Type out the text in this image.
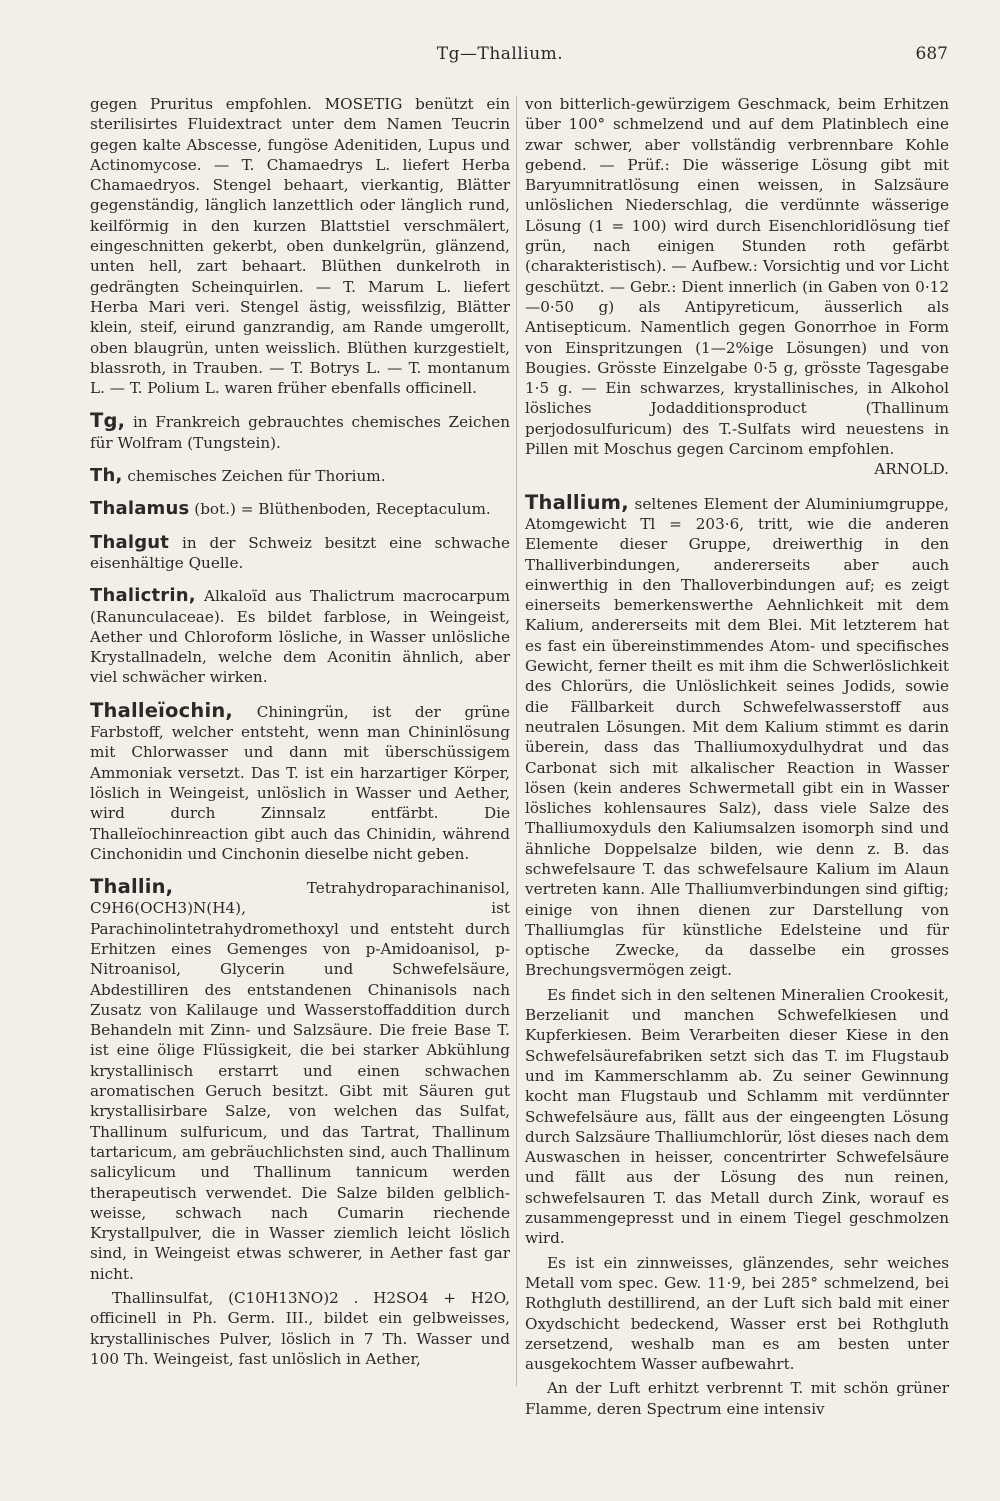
Tg—Thallium.	687

gegen Pruritus empfohlen. MOSETIG benützt ein sterilisirtes Fluidextract unter dem Namen Teucrin gegen kalte Abscesse, fungöse Adenitiden, Lupus und Actinomycose. — T. Chamaedrys L. liefert Herba Chamaedryos. Stengel behaart, vierkantig, Blätter gegenständig, länglich lanzettlich oder länglich rund, keilförmig in den kurzen Blattstiel verschmälert, eingeschnitten gekerbt, oben dunkelgrün, glänzend, unten hell, zart behaart. Blüthen dunkelroth in gedrängten Scheinquirlen. — T. Marum L. liefert Herba Mari veri. Stengel ästig, weissfilzig, Blätter klein, steif, eirund ganzrandig, am Rande umgerollt, oben blaugrün, unten weisslich. Blüthen kurzgestielt, blassroth, in Trauben. — T. Botrys L. — T. montanum L. — T. Polium L. waren früher ebenfalls officinell.

Tg, in Frankreich gebrauchtes chemisches Zeichen für Wolfram (Tungstein).

Th, chemisches Zeichen für Thorium.

Thalamus (bot.) = Blüthenboden, Receptaculum.

Thalgut in der Schweiz besitzt eine schwache eisenhältige Quelle.

Thalictrin, Alkaloïd aus Thalictrum macrocarpum (Ranunculaceae). Es bildet farblose, in Weingeist, Aether und Chloroform lösliche, in Wasser unlösliche Krystallnadeln, welche dem Aconitin ähnlich, aber viel schwächer wirken.

Thalleïochin, Chiningrün, ist der grüne Farbstoff, welcher entsteht, wenn man Chininlösung mit Chlorwasser und dann mit überschüssigem Ammoniak versetzt. Das T. ist ein harzartiger Körper, löslich in Weingeist, unlöslich in Wasser und Aether, wird durch Zinnsalz entfärbt. Die Thalleïochinreaction gibt auch das Chinidin, während Cinchonidin und Cinchonin dieselbe nicht geben.

Thallin, Tetrahydroparachinanisol, C9H6(OCH3)N(H4), ist Parachinolintetrahydromethoxyl und entsteht durch Erhitzen eines Gemenges von p-Amidoanisol, p-Nitroanisol, Glycerin und Schwefelsäure, Abdestilliren des entstandenen Chinanisols nach Zusatz von Kalilauge und Wasserstoffaddition durch Behandeln mit Zinn- und Salzsäure. Die freie Base T. ist eine ölige Flüssigkeit, die bei starker Abkühlung krystallinisch erstarrt und einen schwachen aromatischen Geruch besitzt. Gibt mit Säuren gut krystallisirbare Salze, von welchen das Sulfat, Thallinum sulfuricum, und das Tartrat, Thallinum tartaricum, am gebräuchlichsten sind, auch Thallinum salicylicum und Thallinum tannicum werden therapeutisch verwendet. Die Salze bilden gelblich-weisse, schwach nach Cumarin riechende Krystallpulver, die in Wasser ziemlich leicht löslich sind, in Weingeist etwas schwerer, in Aether fast gar nicht.

Thallinsulfat, (C10H13NO)2 . H2SO4 + H2O, officinell in Ph. Germ. III., bildet ein gelbweisses, krystallinisches Pulver, löslich in 7 Th. Wasser und 100 Th. Weingeist, fast unlöslich in Aether,

von bitterlich-gewürzigem Geschmack, beim Erhitzen über 100° schmelzend und auf dem Platinblech eine zwar schwer, aber vollständig verbrennbare Kohle gebend. — Prüf.: Die wässerige Lösung gibt mit Baryumnitratlösung einen weissen, in Salzsäure unlöslichen Niederschlag, die verdünnte wässerige Lösung (1 = 100) wird durch Eisenchloridlösung tief grün, nach einigen Stunden roth gefärbt (charakteristisch). — Aufbew.: Vorsichtig und vor Licht geschützt. — Gebr.: Dient innerlich (in Gaben von 0·12—0·50 g) als Antipyreticum, äusserlich als Antisepticum. Namentlich gegen Gonorrhoe in Form von Einspritzungen (1—2%ige Lösungen) und von Bougies. Grösste Einzelgabe 0·5 g, grösste Tagesgabe 1·5 g. — Ein schwarzes, krystallinisches, in Alkohol lösliches Jodadditionsproduct (Thallinum perjodosulfuricum) des T.-Sulfats wird neuestens in Pillen mit Moschus gegen Carcinom empfohlen.

ARNOLD.

Thallium, seltenes Element der Aluminiumgruppe, Atomgewicht Tl = 203·6, tritt, wie die anderen Elemente dieser Gruppe, dreiwerthig in den Thalliverbindungen, andererseits aber auch einwerthig in den Thalloverbindungen auf; es zeigt einerseits bemerkenswerthe Aehnlichkeit mit dem Kalium, andererseits mit dem Blei. Mit letzterem hat es fast ein übereinstimmendes Atom- und specifisches Gewicht, ferner theilt es mit ihm die Schwerlöslichkeit des Chlorürs, die Unlöslichkeit seines Jodids, sowie die Fällbarkeit durch Schwefelwasserstoff aus neutralen Lösungen. Mit dem Kalium stimmt es darin überein, dass das Thalliumoxydulhydrat und das Carbonat sich mit alkalischer Reaction in Wasser lösen (kein anderes Schwermetall gibt ein in Wasser lösliches kohlensaures Salz), dass viele Salze des Thalliumoxyduls den Kaliumsalzen isomorph sind und ähnliche Doppelsalze bilden, wie denn z. B. das schwefelsaure T. das schwefelsaure Kalium im Alaun vertreten kann. Alle Thalliumverbindungen sind giftig; einige von ihnen dienen zur Darstellung von Thalliumglas für künstliche Edelsteine und für optische Zwecke, da dasselbe ein grosses Brechungsvermögen zeigt.

Es findet sich in den seltenen Mineralien Crookesit, Berzelianit und manchen Schwefelkiesen und Kupferkiesen. Beim Verarbeiten dieser Kiese in den Schwefelsäurefabriken setzt sich das T. im Flugstaub und im Kammerschlamm ab. Zu seiner Gewinnung kocht man Flugstaub und Schlamm mit verdünnter Schwefelsäure aus, fällt aus der eingeengten Lösung durch Salzsäure Thalliumchlorür, löst dieses nach dem Auswaschen in heisser, concentrirter Schwefelsäure und fällt aus der Lösung des nun reinen, schwefelsauren T. das Metall durch Zink, worauf es zusammengepresst und in einem Tiegel geschmolzen wird.

Es ist ein zinnweisses, glänzendes, sehr weiches Metall vom spec. Gew. 11·9, bei 285° schmelzend, bei Rothgluth destillirend, an der Luft sich bald mit einer Oxydschicht bedeckend, Wasser erst bei Rothgluth zersetzend, weshalb man es am besten unter ausgekochtem Wasser aufbewahrt.

An der Luft erhitzt verbrennt T. mit schön grüner Flamme, deren Spectrum eine intensiv
